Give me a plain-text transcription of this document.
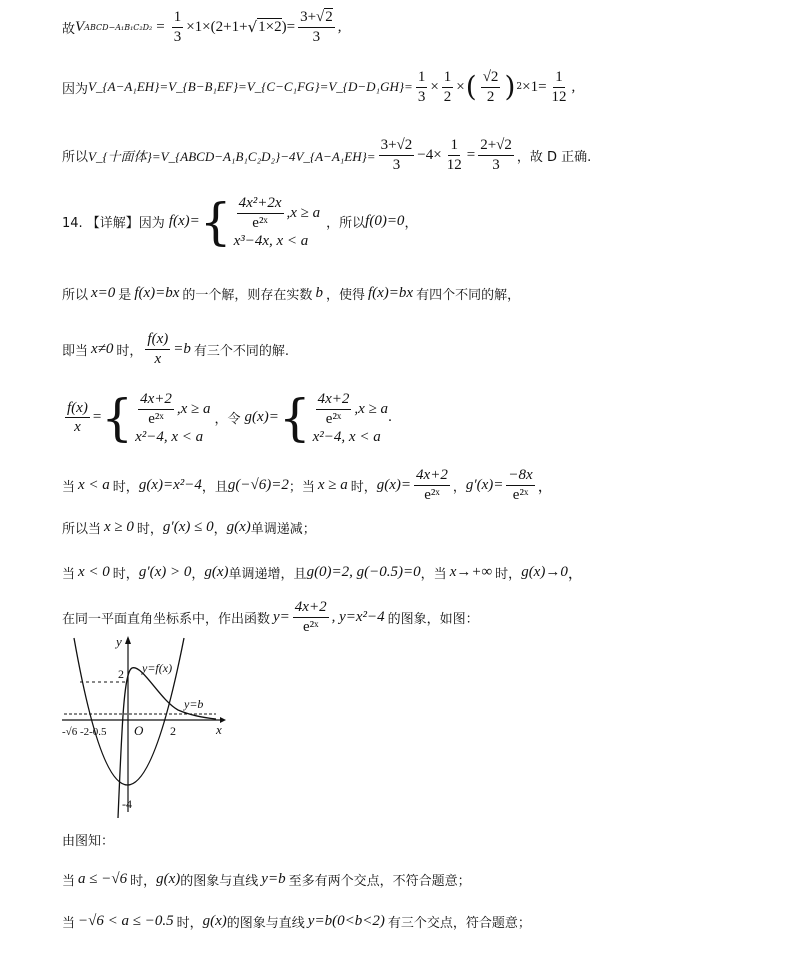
故 V ABCD−A₁B₁C₂D₂ = $\frac{1}{3} \times 1\times(2+1+$ √ 1×2 )= $\frac{3+√2}{3}$ ,
因为 V_{A−A₁EH}=V_{B−B₁EF}=V_{C−C₁FG}=V_{D−D₁GH}= $\frac{1}{3} \times \frac{1}{2}$ × ( $\frac{√2}{2}$ ) $2 \times 1= \frac{1}{12}$ ,
所以 V_{十面体}=V_{ABCD−A₁B₁C₂D₂}−4V_{A−A₁EH}= $\frac{3+√2}{3} -4\times \frac{1}{12} = \frac{2+√2}{3}$ ，故 D 正确.
14. 【详解】因为 f(x)= { $\frac{\text{4x²+2x}}{\text{e²ˣ}} ,x \ge a$
x³−4x, x < a
，所以 f(0)=0 ，
所以 x=0 是 f(x)=bx 的一个解，则存在实数 b ，使得 f(x)=bx 有四个不同的解，
即当 x≠0 时， $\frac{f(x)}{x} =b$ 有三个不同的解.
$\frac{f(x)}{x}$ = { $\frac{4x+2}{\text{e²ˣ}} ,x \ge a$
x²−4, x < a
，令 g(x)= { $\frac{4x+2}{\text{e²ˣ}} ,x \ge a$
x²−4, x < a
.
当 x < a 时， g(x)=x²−4 ，且 g(−√6)=2 ；当 x ≥ a 时， $g(x)= \frac{4x+2}{\text{e²ˣ}}$ ， $g'(x)= \frac{-8x}{\text{e²ˣ}}$ ，
所以当 x ≥ 0 时， g′(x) ≤ 0 ， g(x) 单调递减；
当 x < 0 时， g′(x) > 0 ， g(x) 单调递增，且 g(0)=2, g(−0.5)=0 ，当 x→+∞ 时， g(x)→0 ，
在同一平面直角坐标系中，作出函数 $y= \frac{4x+2}{\text{e²ˣ}}$ , y=x²−4 的图象，如图：
y
x
O
y=f(x)
y=b
2
-4
2
-√6 -2-0.5
由图知：
当 a ≤ −√6 时， g(x) 的图象与直线 y=b 至多有两个交点，不符合题意；
当 −√6 < a ≤ −0.5 时， g(x) 的图象与直线 y=b(0<b<2) 有三个交点，符合题意；
